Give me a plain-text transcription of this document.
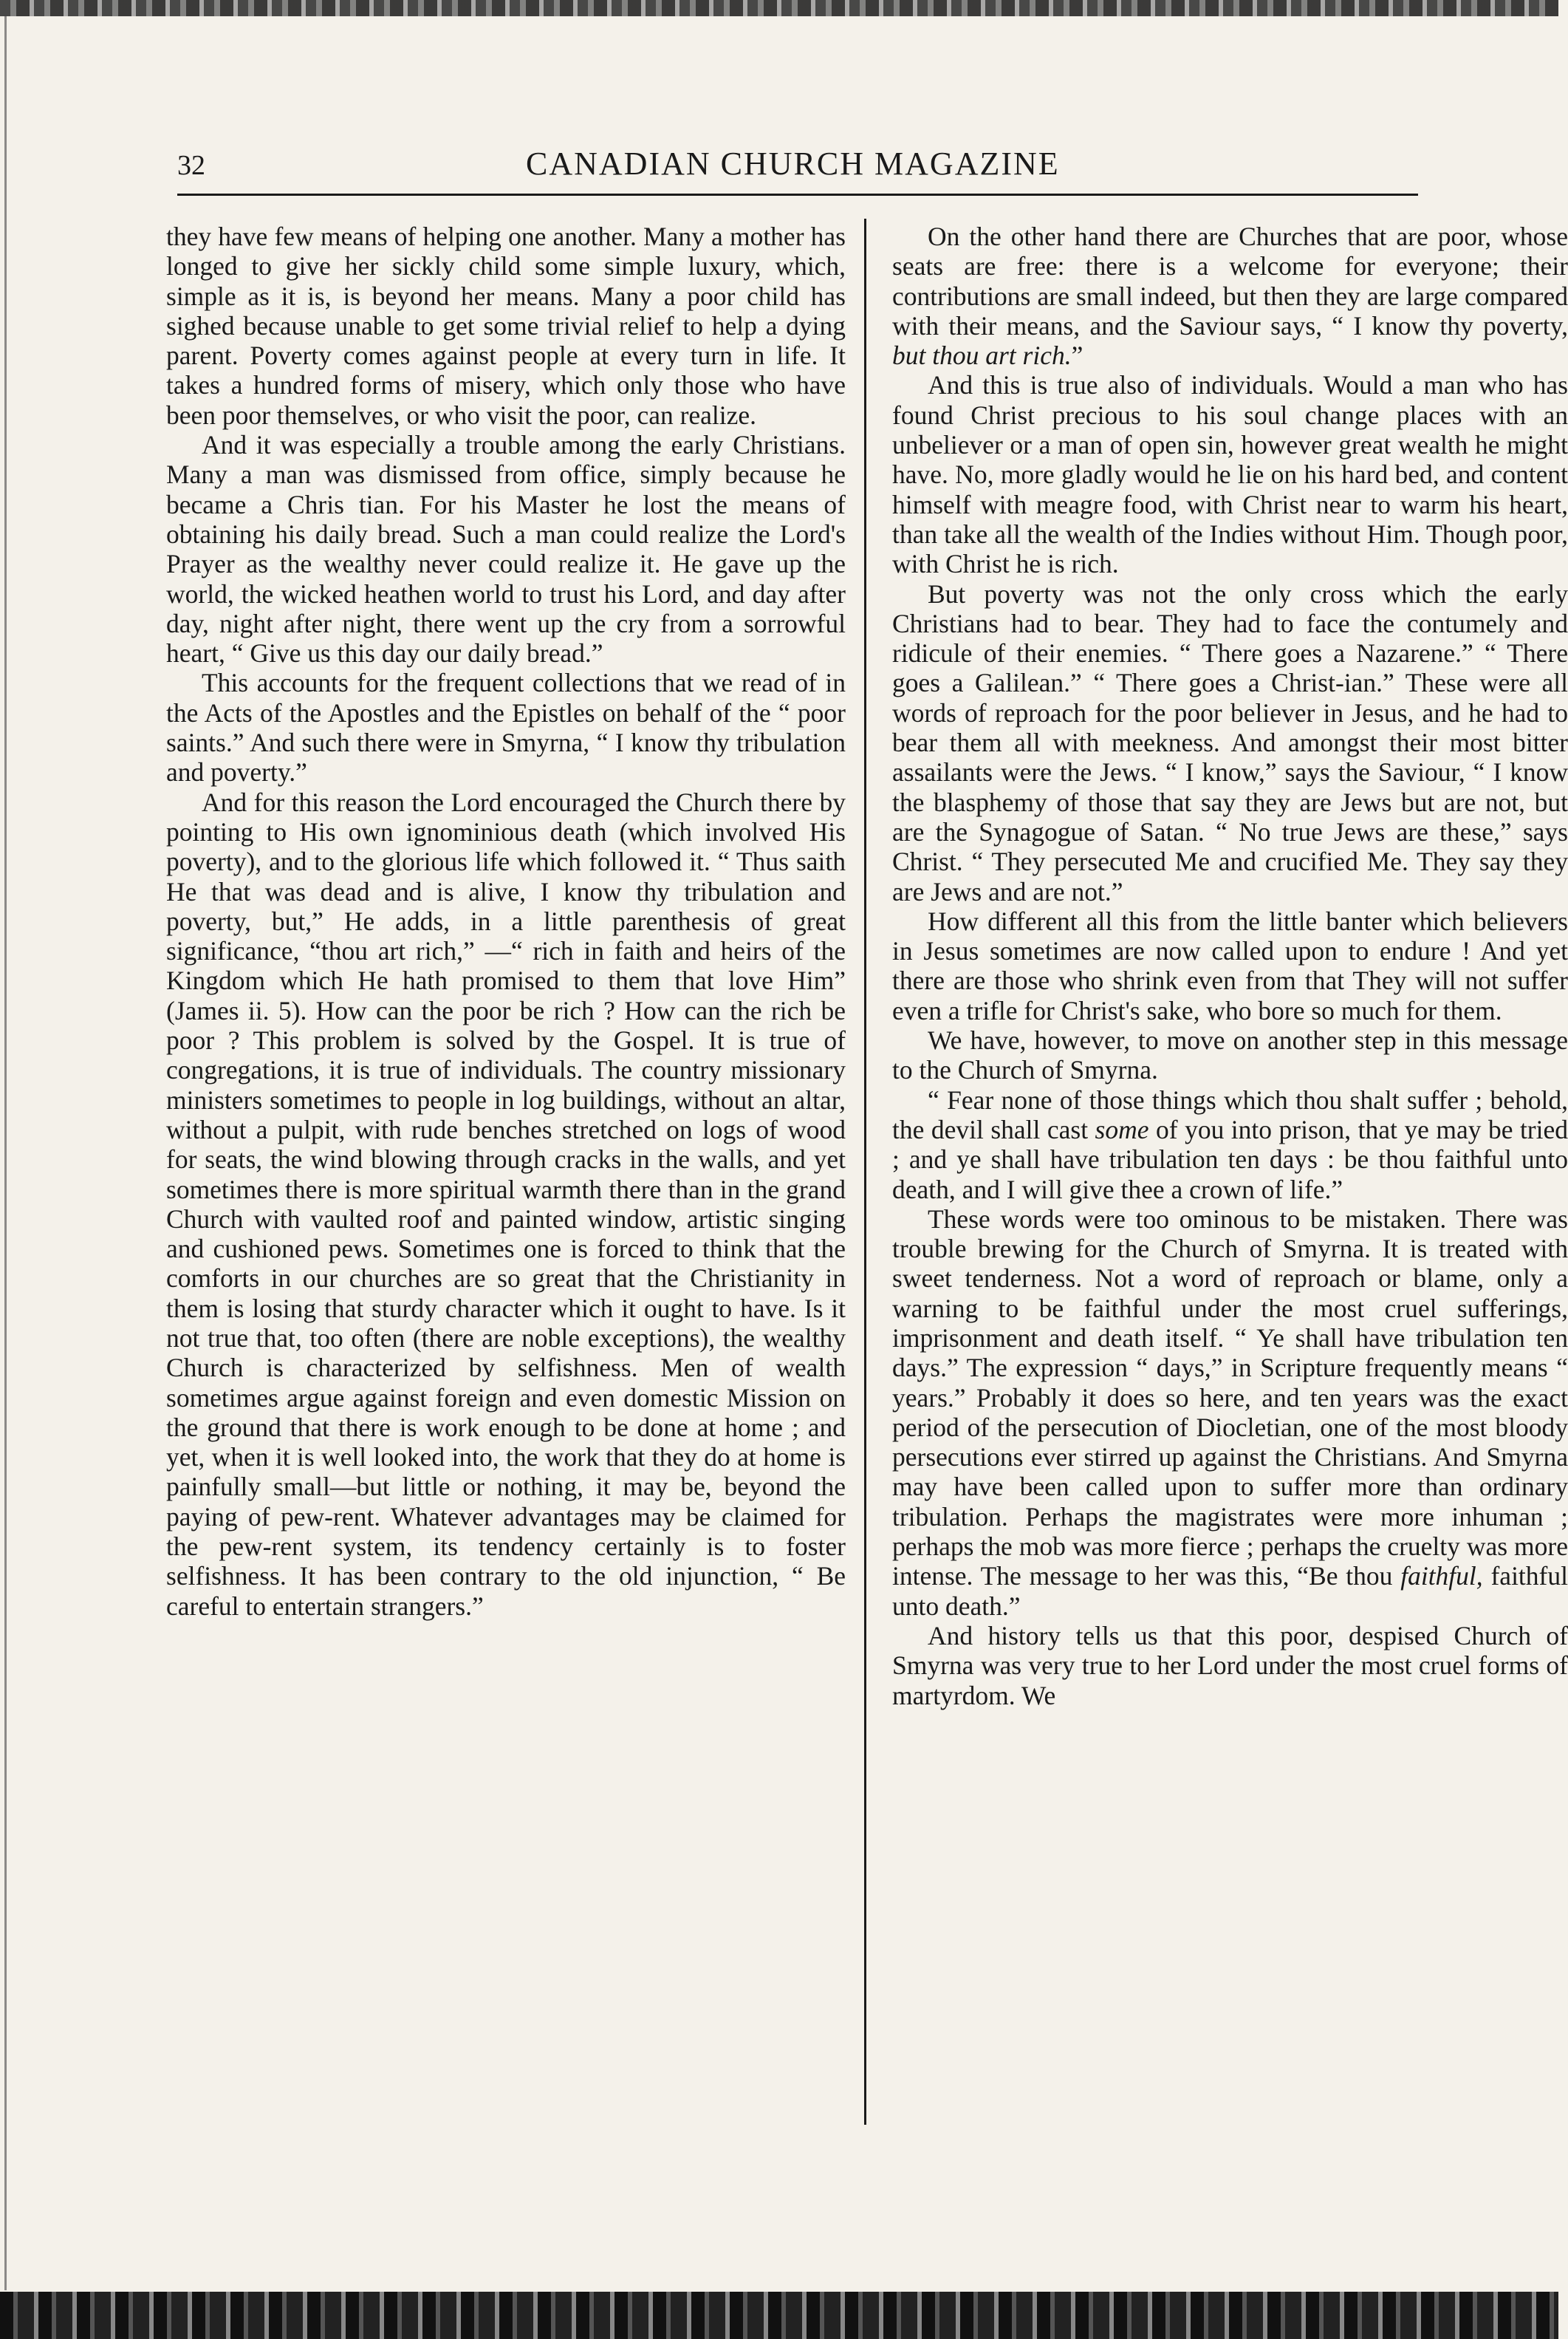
32	CANADIAN CHURCH MAGAZINE

they have few means of helping one another. Many a mother has longed to give her sickly child some simple luxury, which, simple as it is, is beyond her means. Many a poor child has sighed because unable to get some trivial relief to help a dying parent. Poverty comes against people at every turn in life. It takes a hundred forms of misery, which only those who have been poor themselves, or who visit the poor, can realize.

And it was especially a trouble among the early Christians. Many a man was dismissed from office, simply because he became a Chris tian. For his Master he lost the means of obtaining his daily bread. Such a man could realize the Lord's Prayer as the wealthy never could realize it. He gave up the world, the wicked heathen world to trust his Lord, and day after day, night after night, there went up the cry from a sorrowful heart, “ Give us this day our daily bread.”

This accounts for the frequent collections that we read of in the Acts of the Apostles and the Epistles on behalf of the “ poor saints.” And such there were in Smyrna, “ I know thy tribulation and poverty.”

And for this reason the Lord encouraged the Church there by pointing to His own ignominious death (which involved His poverty), and to the glorious life which followed it. “ Thus saith He that was dead and is alive, I know thy tribulation and poverty, but,” He adds, in a little parenthesis of great significance, “thou art rich,” —“ rich in faith and heirs of the Kingdom which He hath promised to them that love Him” (James ii. 5). How can the poor be rich ? How can the rich be poor ? This problem is solved by the Gospel. It is true of congregations, it is true of individuals. The country missionary ministers sometimes to people in log buildings, without an altar, without a pulpit, with rude benches stretched on logs of wood for seats, the wind blowing through cracks in the walls, and yet sometimes there is more spiritual warmth there than in the grand Church with vaulted roof and painted window, artistic singing and cushioned pews. Sometimes one is forced to think that the comforts in our churches are so great that the Christianity in them is losing that sturdy character which it ought to have. Is it not true that, too often (there are noble exceptions), the wealthy Church is characterized by selfishness. Men of wealth sometimes argue against foreign and even domestic Mission on the ground that there is work enough to be done at home ; and yet, when it is well looked into, the work that they do at home is painfully small—but little or nothing, it may be, beyond the paying of pew-rent. Whatever advantages may be claimed for the pew-rent system, its tendency certainly is to foster selfishness. It has been contrary to the old injunction, “ Be careful to entertain strangers.”

On the other hand there are Churches that are poor, whose seats are free: there is a welcome for everyone; their contributions are small indeed, but then they are large compared with their means, and the Saviour says, “ I know thy poverty, but thou art rich.”

And this is true also of individuals. Would a man who has found Christ precious to his soul change places with an unbeliever or a man of open sin, however great wealth he might have. No, more gladly would he lie on his hard bed, and content himself with meagre food, with Christ near to warm his heart, than take all the wealth of the Indies without Him. Though poor, with Christ he is rich.

But poverty was not the only cross which the early Christians had to bear. They had to face the contumely and ridicule of their enemies. “ There goes a Nazarene.” “ There goes a Galilean.” “ There goes a Christ-ian.” These were all words of reproach for the poor believer in Jesus, and he had to bear them all with meekness. And amongst their most bitter assailants were the Jews. “ I know,” says the Saviour, “ I know the blasphemy of those that say they are Jews but are not, but are the Synagogue of Satan. “ No true Jews are these,” says Christ. “ They persecuted Me and crucified Me. They say they are Jews and are not.”

How different all this from the little banter which believers in Jesus sometimes are now called upon to endure ! And yet there are those who shrink even from that They will not suffer even a trifle for Christ's sake, who bore so much for them.

We have, however, to move on another step in this message to the Church of Smyrna.

“ Fear none of those things which thou shalt suffer ; behold, the devil shall cast some of you into prison, that ye may be tried ; and ye shall have tribulation ten days : be thou faithful unto death, and I will give thee a crown of life.”

These words were too ominous to be mistaken. There was trouble brewing for the Church of Smyrna. It is treated with sweet tenderness. Not a word of reproach or blame, only a warning to be faithful under the most cruel sufferings, imprisonment and death itself. “ Ye shall have tribulation ten days.” The expression “ days,” in Scripture frequently means “ years.” Probably it does so here, and ten years was the exact period of the persecution of Diocletian, one of the most bloody persecutions ever stirred up against the Christians. And Smyrna may have been called upon to suffer more than ordinary tribulation. Perhaps the magistrates were more inhuman ; perhaps the mob was more fierce ; perhaps the cruelty was more intense. The message to her was this, “Be thou faithful, faithful unto death.”

And history tells us that this poor, despised Church of Smyrna was very true to her Lord under the most cruel forms of martyrdom. We
